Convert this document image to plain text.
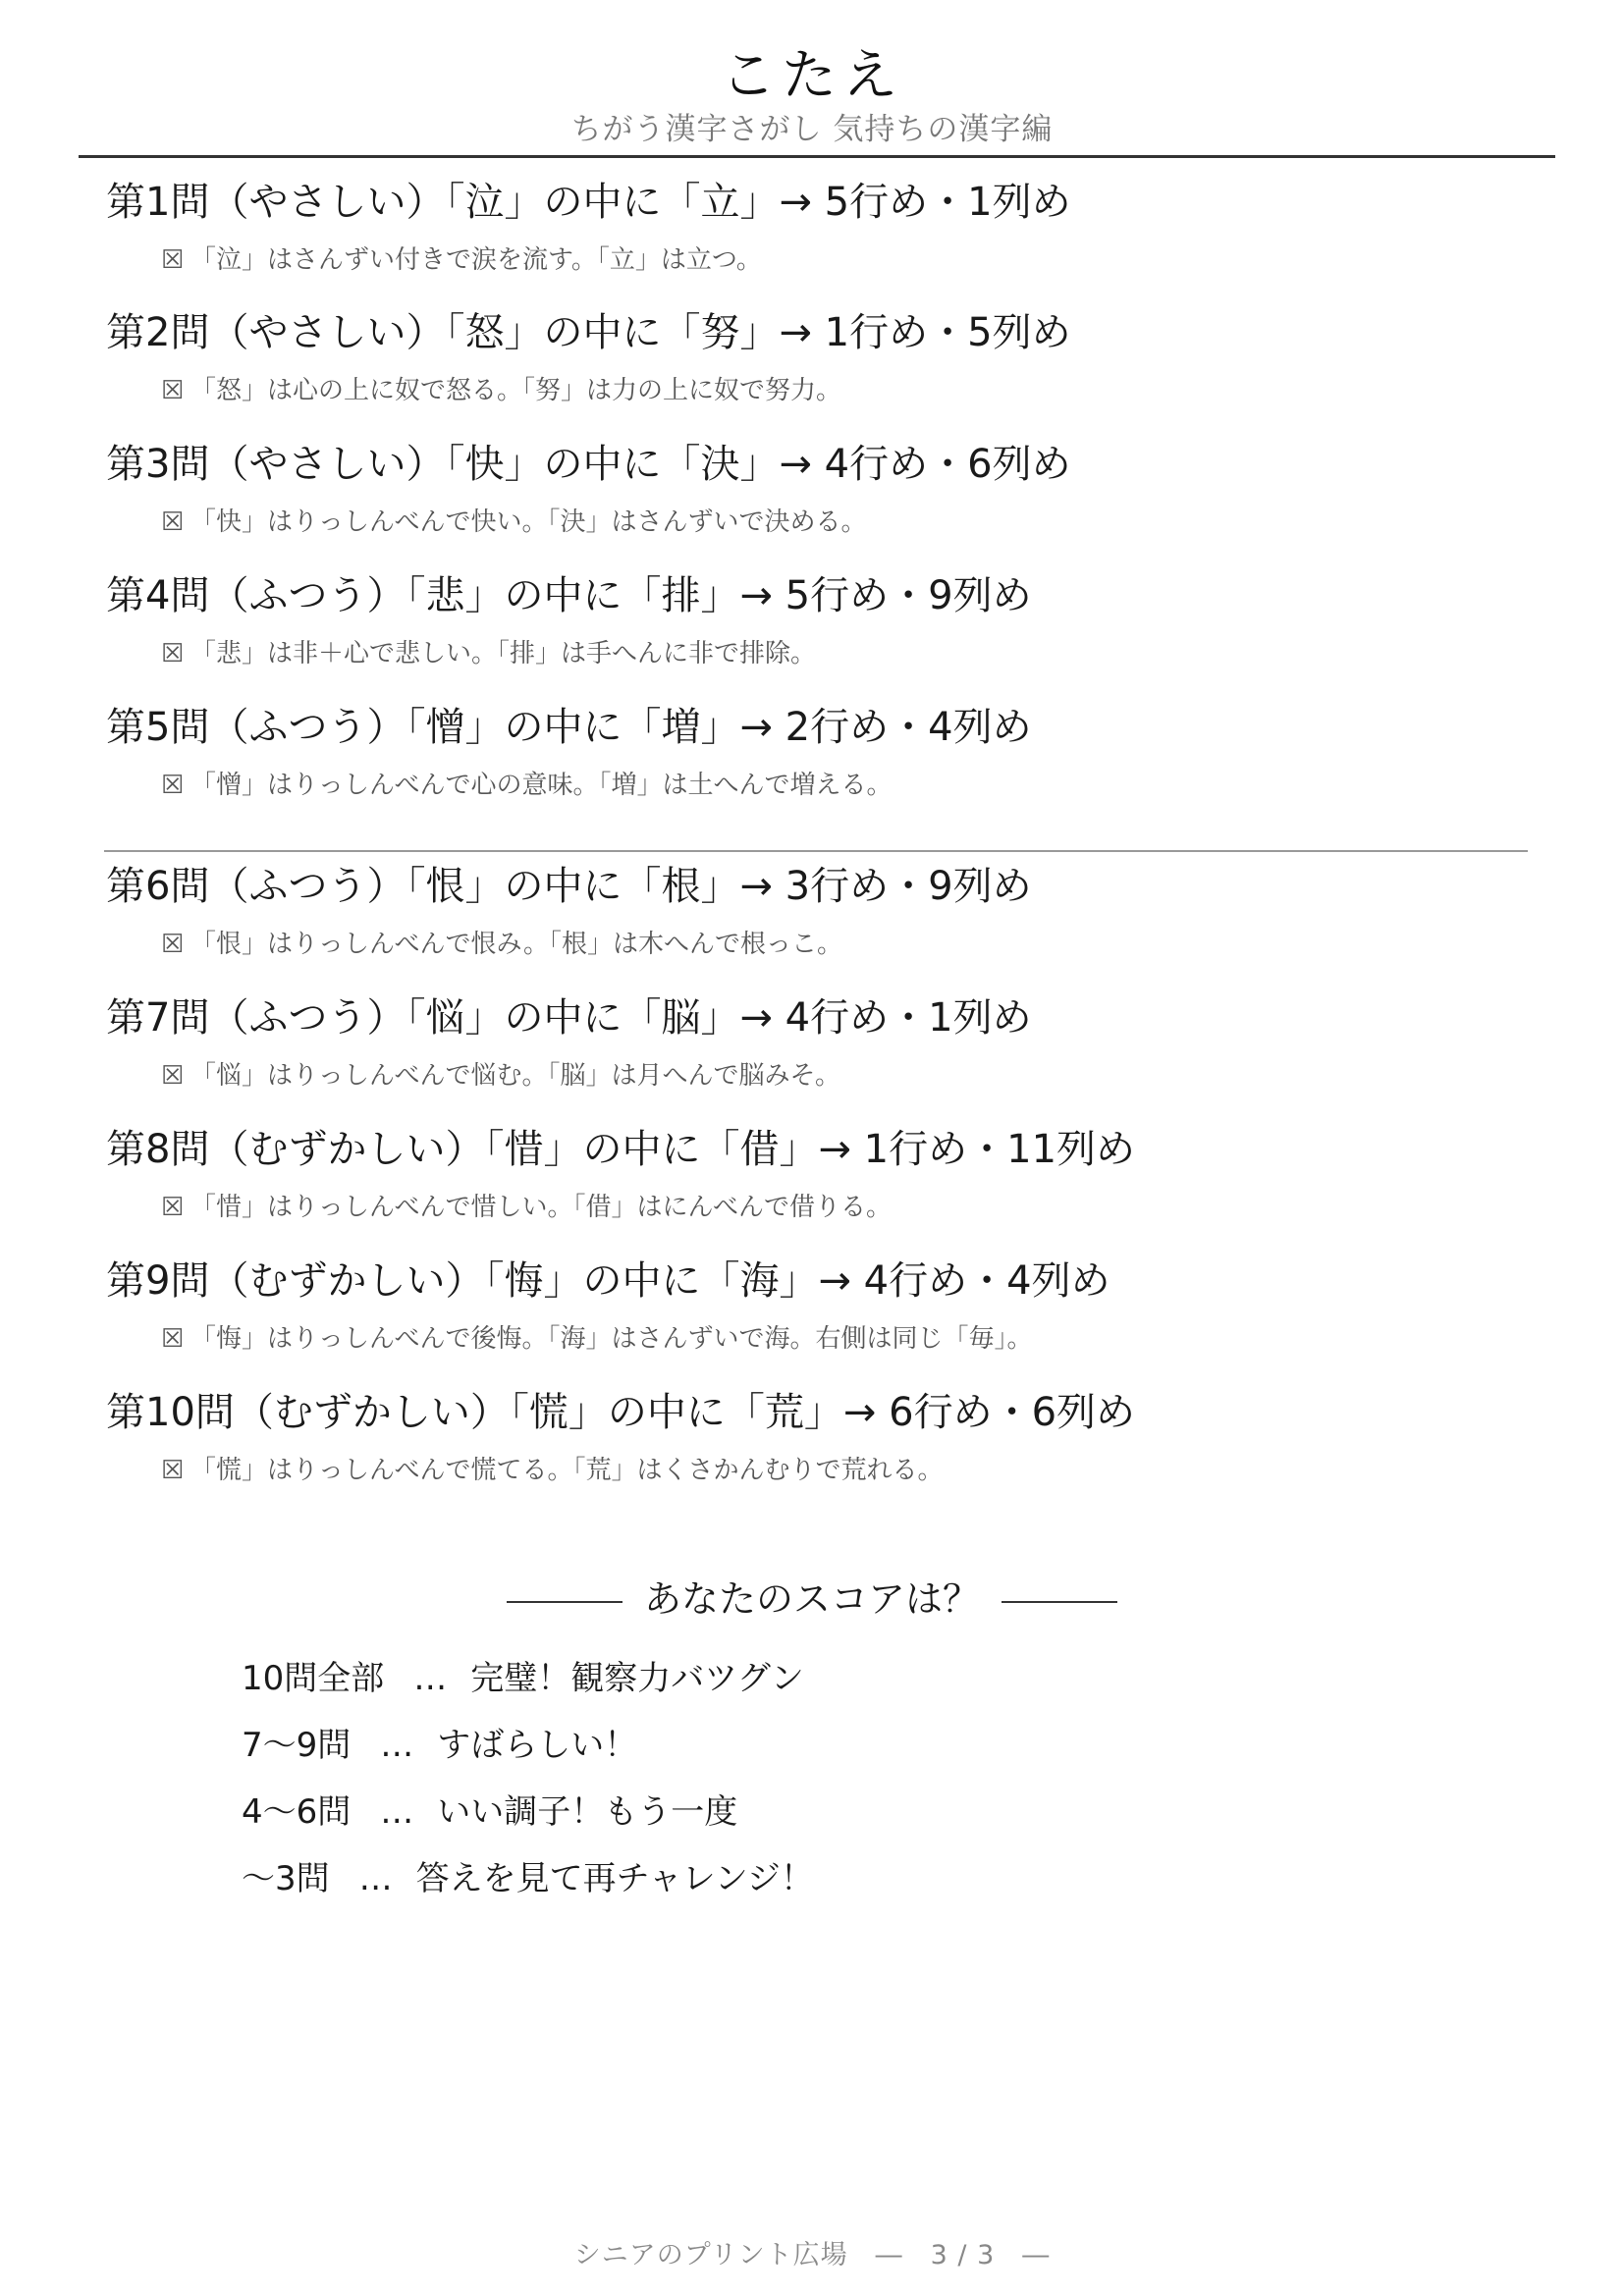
こたえ
ちがう漢字さがし 気持ちの漢字編
第1問（やさしい）「泣」の中に「立」→ 5行め・1列め
☒ 「泣」はさんずい付きで涙を流す。「立」は立つ。
第2問（やさしい）「怒」の中に「努」→ 1行め・5列め
☒ 「怒」は心の上に奴で怒る。「努」は力の上に奴で努力。
第3問（やさしい）「快」の中に「決」→ 4行め・6列め
☒ 「快」はりっしんべんで快い。「決」はさんずいで決める。
第4問（ふつう）「悲」の中に「排」→ 5行め・9列め
☒ 「悲」は非＋心で悲しい。「排」は手へんに非で排除。
第5問（ふつう）「憎」の中に「増」→ 2行め・4列め
☒ 「憎」はりっしんべんで心の意味。「増」は土へんで増える。
第6問（ふつう）「恨」の中に「根」→ 3行め・9列め
☒ 「恨」はりっしんべんで恨み。「根」は木へんで根っこ。
第7問（ふつう）「悩」の中に「脳」→ 4行め・1列め
☒ 「悩」はりっしんべんで悩む。「脳」は月へんで脳みそ。
第8問（むずかしい）「惜」の中に「借」→ 1行め・11列め
☒ 「惜」はりっしんべんで惜しい。「借」はにんべんで借りる。
第9問（むずかしい）「悔」の中に「海」→ 4行め・4列め
☒ 「悔」はりっしんべんで後悔。「海」はさんずいで海。右側は同じ「毎」。
第10問（むずかしい）「慌」の中に「荒」→ 6行め・6列め
☒ 「慌」はりっしんべんで慌てる。「荒」はくさかんむりで荒れる。
あなたのスコアは？
10問全部 … 完璧！観察力バツグン
7〜9問 … すばらしい！
4〜6問 … いい調子！もう一度
〜3問 … 答えを見て再チャレンジ！
シニアのプリント広場　―　3 / 3　―
